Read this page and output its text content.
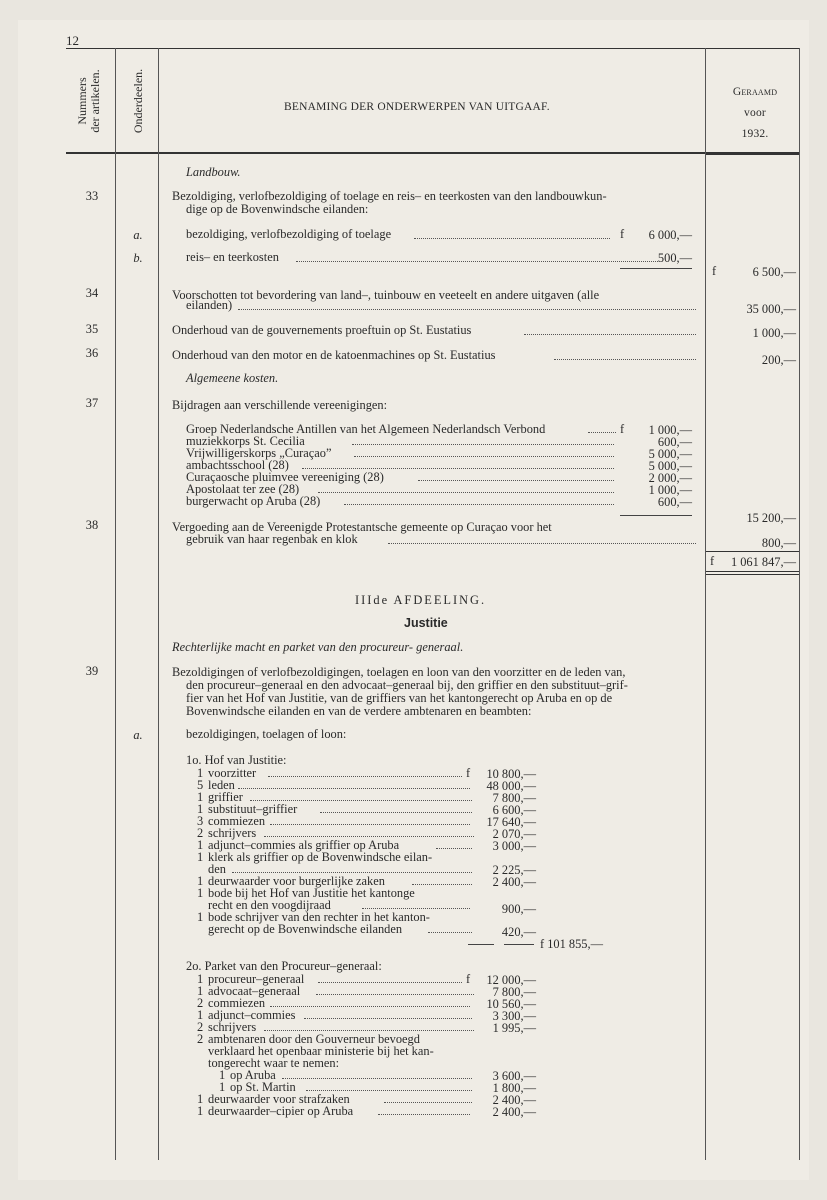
12
Nummers der artikelen. Onderdeelen.	BENAMING DER ONDERWERPEN VAN UITGAAF.
Geraamd
voor
1932.
Landbouw.
33	Bezoldiging, verlofbezoldiging of toelage en reis– en teerkosten van den landbouwkun-
dige op de Bovenwindsche eilanden:
a.	bezoldiging, verlofbezoldiging of toelage	f	6 000,—
b.	reis– en teerkosten	500,—
f	6 500,—
34	Voorschotten tot bevordering van land–, tuinbouw en veeteelt en andere uitgaven (alle
eilanden)	35 000,—
35	Onderhoud van de gouvernements proeftuin op St. Eustatius	1 000,—
36	Onderhoud van den motor en de katoenmachines op St. Eustatius	200,—
Algemeene kosten.
37	Bijdragen aan verschillende vereenigingen:
Groep Nederlandsche Antillen van het Algemeen Nederlandsch Verbond	f	1 000,—
muziekkorps St. Cecilia	600,—
Vrijwilligerskorps „Curaçao”	5 000,—
ambachtsschool (28)	5 000,—
Curaçaosche pluimvee vereeniging (28)	2 000,—
Apostolaat ter zee (28)	1 000,—
burgerwacht op Aruba (28)	600,—
15 200,—
38	Vergoeding aan de Vereenigde Protestantsche gemeente op Curaçao voor het
gebruik van haar regenbak en klok	800,—
f	1 061 847,—
IIIde AFDEELING.
Justitie
Rechterlijke macht en parket van den procureur- generaal.
39	Bezoldigingen of verlofbezoldigingen, toelagen en loon van den voorzitter en de leden van,
den procureur–generaal en den advocaat–generaal bij, den griffier en den substituut–grif-
fier van het Hof van Justitie, van de griffiers van het kantongerecht op Aruba en op de
Bovenwindsche eilanden en van de verdere ambtenaren en beambten:
a.	bezoldigingen, toelagen of loon:
1o. Hof van Justitie:
1 voorzitter	f	10 800,—
5 leden	48 000,—
1 griffier	7 800,—
1 substituut–griffier	6 600,—
3 commiezen	17 640,—
2 schrijvers	2 070,—
1 adjunct–commies als griffier op Aruba	3 000,—
1 klerk als griffier op de Bovenwindsche eilan-
den	2 225,—
1 deurwaarder voor burgerlijke zaken	2 400,—
1 bode bij het Hof van Justitie het kantonge
recht en den voogdijraad	900,—
1 bode schrijver van den rechter in het kanton-
gerecht op de Bovenwindsche eilanden	420,—
f 101 855,—
2o. Parket van den Procureur–generaal:
1 procureur–generaal	f	12 000,—
1 advocaat–generaal	7 800,—
2 commiezen	10 560,—
1 adjunct–commies	3 300,—
2 schrijvers	1 995,—
2 ambtenaren door den Gouverneur bevoegd
verklaard het openbaar ministerie bij het kan-
tongerecht waar te nemen:
1 op Aruba	3 600,—
1 op St. Martin	1 800,—
1 deurwaarder voor strafzaken	2 400,—
1 deurwaarder–cipier op Aruba	2 400,—
